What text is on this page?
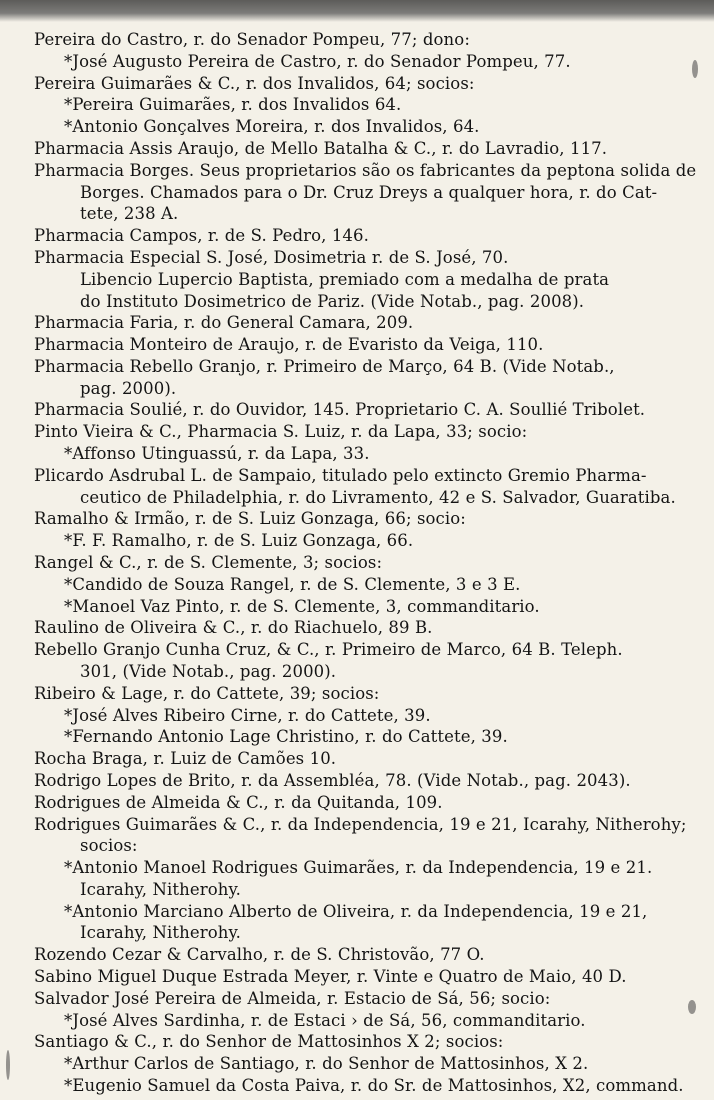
Pereira do Castro, r. do Senador Pompeu, 77; dono:
*José Augusto Pereira de Castro, r. do Senador Pompeu, 77.
Pereira Guimarães & C., r. dos Invalidos, 64; socios:
*Pereira Guimarães, r. dos Invalidos 64.
*Antonio Gonçalves Moreira, r. dos Invalidos, 64.
Pharmacia Assis Araujo, de Mello Batalha & C., r. do Lavradio, 117.
Pharmacia Borges. Seus proprietarios são os fabricantes da peptona solida de
Borges. Chamados para o Dr. Cruz Dreys a qualquer hora, r. do Cat-
tete, 238 A.
Pharmacia Campos, r. de S. Pedro, 146.
Pharmacia Especial S. José, Dosimetria r. de S. José, 70.
Libencio Lupercio Baptista, premiado com a medalha de prata
do Instituto Dosimetrico de Pariz. (Vide Notab., pag. 2008).
Pharmacia Faria, r. do General Camara, 209.
Pharmacia Monteiro de Araujo, r. de Evaristo da Veiga, 110.
Pharmacia Rebello Granjo, r. Primeiro de Março, 64 B. (Vide Notab.,
pag. 2000).
Pharmacia Soulié, r. do Ouvidor, 145. Proprietario C. A. Soullié Tribolet.
Pinto Vieira & C., Pharmacia S. Luiz, r. da Lapa, 33; socio:
*Affonso Utinguassú, r. da Lapa, 33.
Plicardo Asdrubal L. de Sampaio, titulado pelo extincto Gremio Pharma-
ceutico de Philadelphia, r. do Livramento, 42 e S. Salvador, Guaratiba.
Ramalho & Irmão, r. de S. Luiz Gonzaga, 66; socio:
*F. F. Ramalho, r. de S. Luiz Gonzaga, 66.
Rangel & C., r. de S. Clemente, 3; socios:
*Candido de Souza Rangel, r. de S. Clemente, 3 e 3 E.
*Manoel Vaz Pinto, r. de S. Clemente, 3, commanditario.
Raulino de Oliveira & C., r. do Riachuelo, 89 B.
Rebello Granjo Cunha Cruz, & C., r. Primeiro de Marco, 64 B. Teleph.
301, (Vide Notab., pag. 2000).
Ribeiro & Lage, r. do Cattete, 39; socios:
*José Alves Ribeiro Cirne, r. do Cattete, 39.
*Fernando Antonio Lage Christino, r. do Cattete, 39.
Rocha Braga, r. Luiz de Camões 10.
Rodrigo Lopes de Brito, r. da Assembléa, 78. (Vide Notab., pag. 2043).
Rodrigues de Almeida & C., r. da Quitanda, 109.
Rodrigues Guimarães & C., r. da Independencia, 19 e 21, Icarahy, Nitherohy;
socios:
*Antonio Manoel Rodrigues Guimarães, r. da Independencia, 19 e 21.
Icarahy, Nitherohy.
*Antonio Marciano Alberto de Oliveira, r. da Independencia, 19 e 21,
Icarahy, Nitherohy.
Rozendo Cezar & Carvalho, r. de S. Christovão, 77 O.
Sabino Miguel Duque Estrada Meyer, r. Vinte e Quatro de Maio, 40 D.
Salvador José Pereira de Almeida, r. Estacio de Sá, 56; socio:
*José Alves Sardinha, r. de Estaci › de Sá, 56, commanditario.
Santiago & C., r. do Senhor de Mattosinhos X 2; socios:
*Arthur Carlos de Santiago, r. do Senhor de Mattosinhos, X 2.
*Eugenio Samuel da Costa Paiva, r. do Sr. de Mattosinhos, X2, command.
